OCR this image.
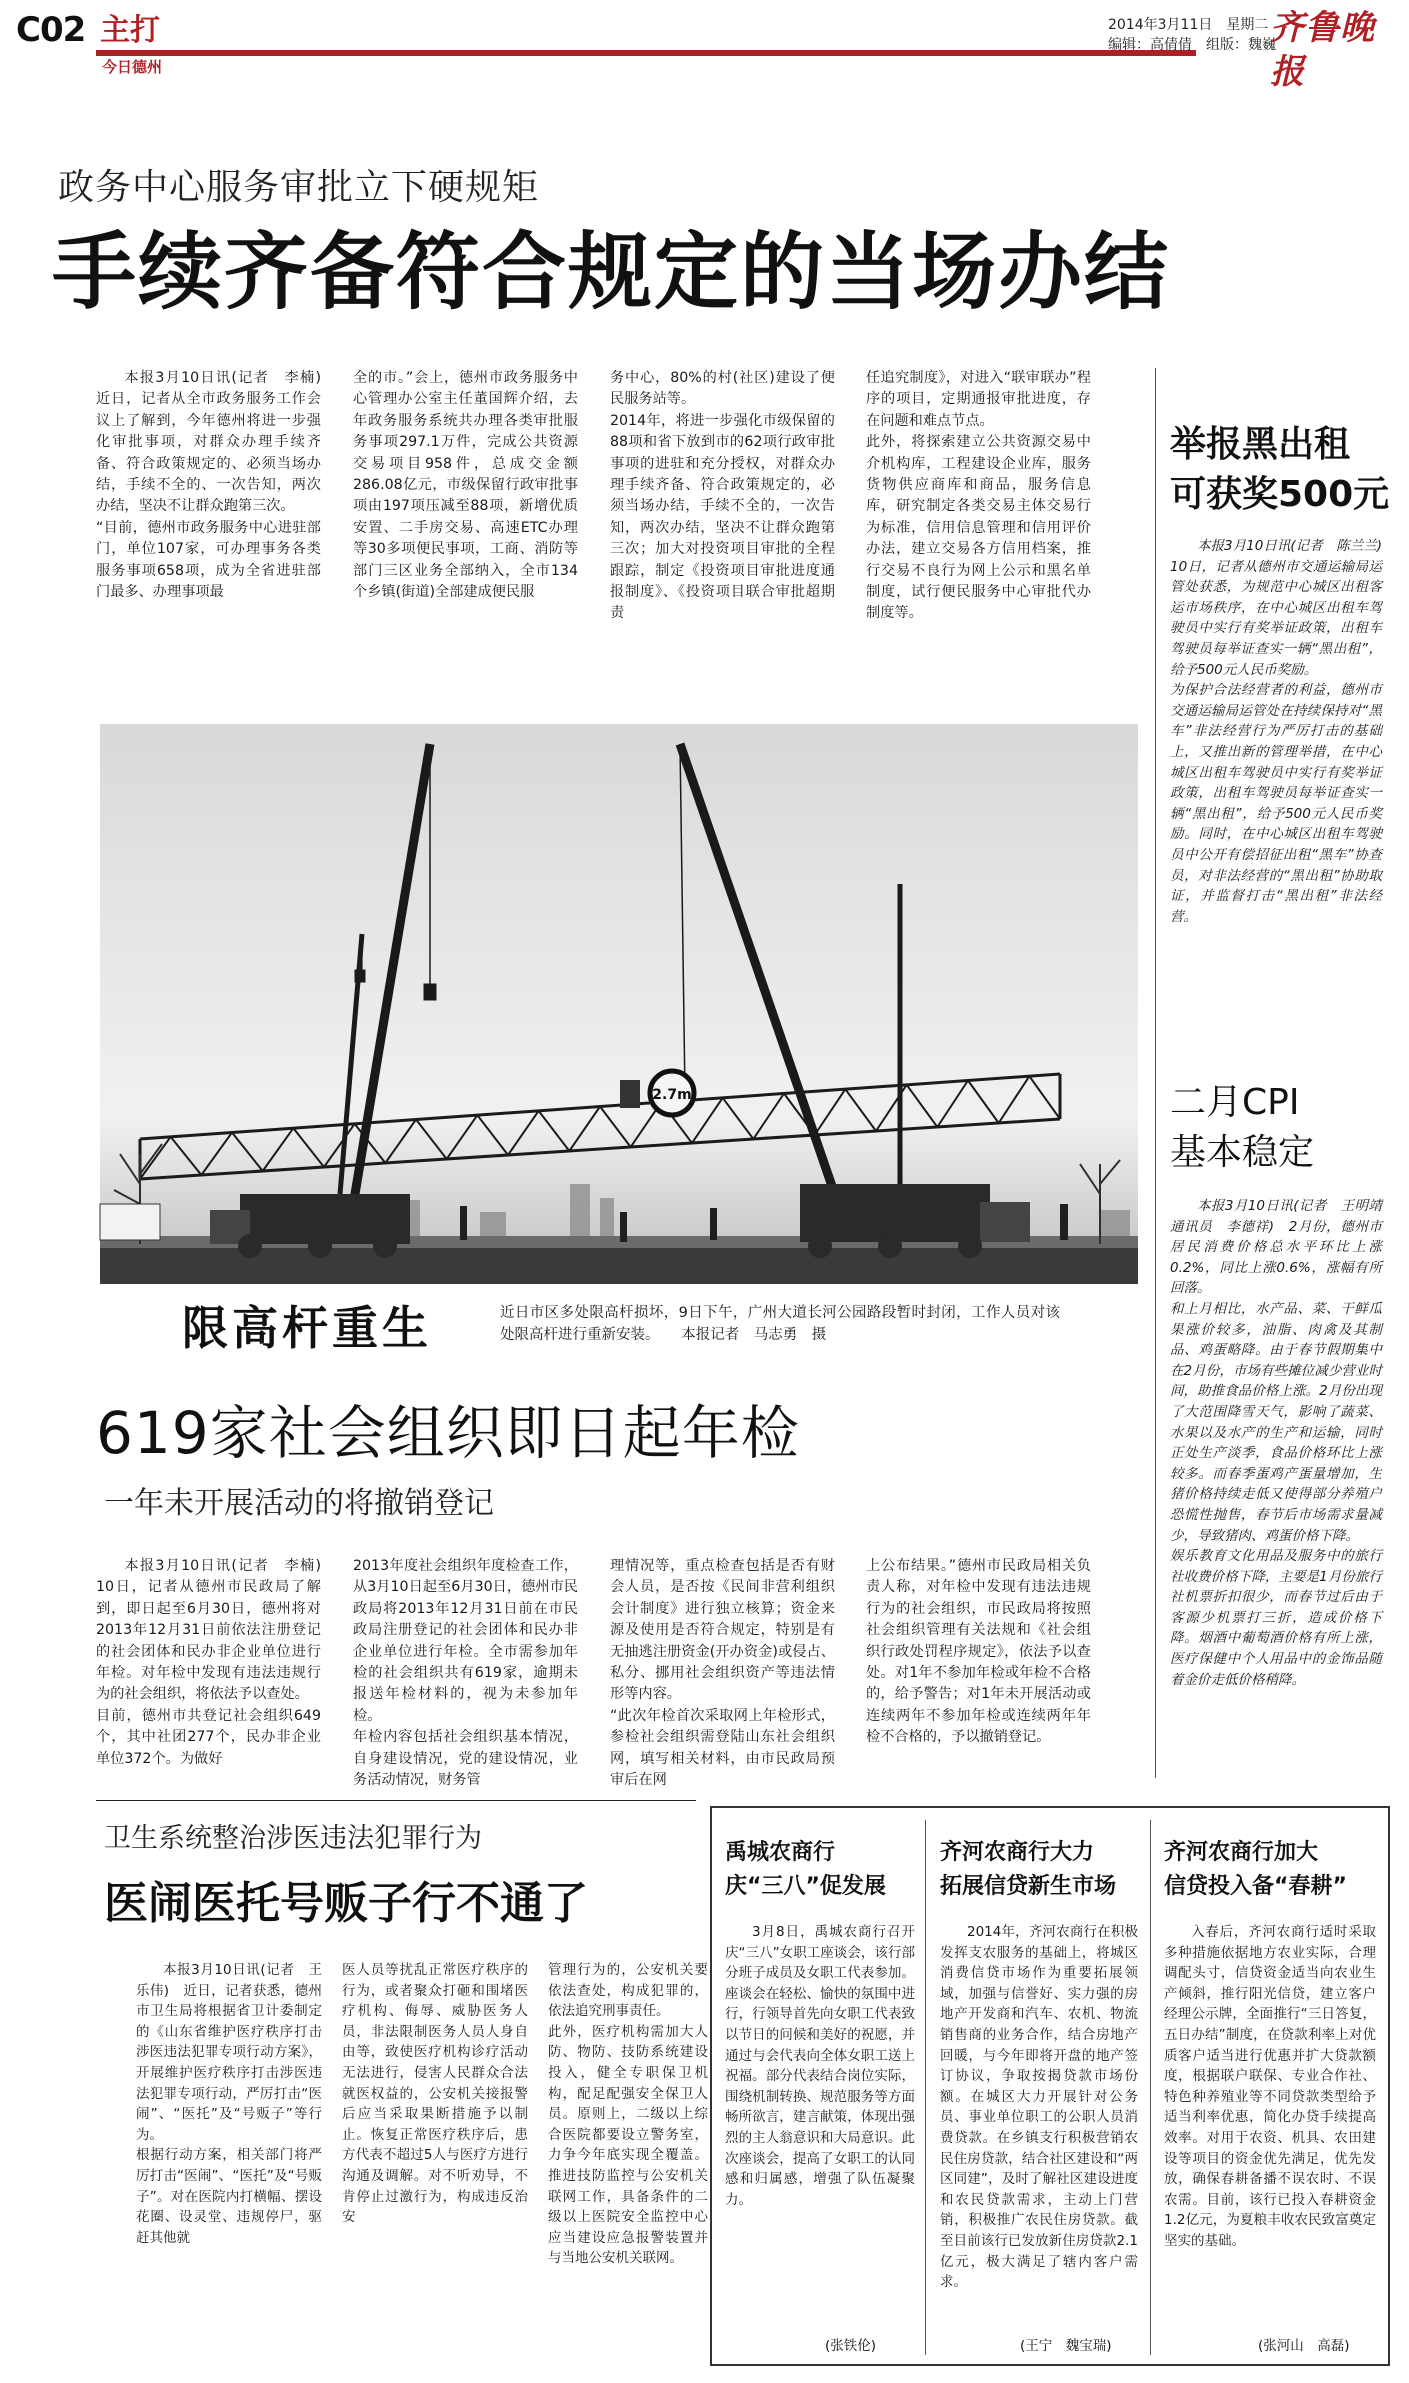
C02 主打
今日德州
2014年3月11日　星期二
编辑：高倩倩　组版：魏巍
齐鲁晚报
政务中心服务审批立下硬规矩
手续齐备符合规定的当场办结

本报3月10日讯(记者　李楠)　近日，记者从全市政务服务工作会议上了解到，今年德州将进一步强化审批事项，对群众办理手续齐备、符合政策规定的、必须当场办结，手续不全的、一次告知，两次办结，坚决不让群众跑第三次。
“目前，德州市政务服务中心进驻部门，单位107家，可办理事务各类服务事项658项，成为全省进驻部门最多、办理事项最

全的市。”会上，德州市政务服务中心管理办公室主任董国辉介绍，去年政务服务系统共办理各类审批服务事项297.1万件，完成公共资源交易项目958件，总成交金额286.08亿元，市级保留行政审批事项由197项压减至88项，新增优质安置、二手房交易、高速ETC办理等30多项便民事项，工商、消防等部门三区业务全部纳入，全市134个乡镇(街道)全部建成便民服

务中心，80%的村(社区)建设了便民服务站等。
2014年，将进一步强化市级保留的88项和省下放到市的62项行政审批事项的进驻和充分授权，对群众办理手续齐备、符合政策规定的，必须当场办结，手续不全的，一次告知，两次办结，坚决不让群众跑第三次；加大对投资项目审批的全程跟踪，制定《投资项目审批进度通报制度》、《投资项目联合审批超期责

任追究制度》，对进入“联审联办”程序的项目，定期通报审批进度，存在问题和难点节点。
此外，将探索建立公共资源交易中介机构库，工程建设企业库，服务货物供应商库和商品，服务信息库，研究制定各类交易主体交易行为标准，信用信息管理和信用评价办法，建立交易各方信用档案，推行交易不良行为网上公示和黑名单制度，试行便民服务中心审批代办制度等。

2.7m
限高杆重生	近日市区多处限高杆损坏，9日下午，广州大道长河公园路段暂时封闭，工作人员对该处限高杆进行重新安装。　　本报记者　马志勇　摄
619家社会组织即日起年检
一年未开展活动的将撤销登记

本报3月10日讯(记者　李楠)　10日，记者从德州市民政局了解到，即日起至6月30日，德州将对2013年12月31日前依法注册登记的社会团体和民办非企业单位进行年检。对年检中发现有违法违规行为的社会组织，将依法予以查处。
目前，德州市共登记社会组织649个，其中社团277个，民办非企业单位372个。为做好

2013年度社会组织年度检查工作，从3月10日起至6月30日，德州市民政局将2013年12月31日前在市民政局注册登记的社会团体和民办非企业单位进行年检。全市需参加年检的社会组织共有619家，逾期未报送年检材料的，视为未参加年检。
年检内容包括社会组织基本情况，自身建设情况，党的建设情况，业务活动情况，财务管

理情况等，重点检查包括是否有财会人员，是否按《民间非营利组织会计制度》进行独立核算；资金来源及使用是否符合规定，特别是有无抽逃注册资金(开办资金)或侵占、私分、挪用社会组织资产等违法情形等内容。
“此次年检首次采取网上年检形式，参检社会组织需登陆山东社会组织网，填写相关材料，由市民政局预审后在网

上公布结果。”德州市民政局相关负责人称，对年检中发现有违法违规行为的社会组织，市民政局将按照社会组织管理有关法规和《社会组织行政处罚程序规定》，依法予以查处。对1年不参加年检或年检不合格的，给予警告；对1年未开展活动或连续两年不参加年检或连续两年年检不合格的，予以撤销登记。

卫生系统整治涉医违法犯罪行为
医闹医托号贩子行不通了

本报3月10日讯(记者　王乐伟)　近日，记者获悉，德州市卫生局将根据省卫计委制定的《山东省维护医疗秩序打击涉医违法犯罪专项行动方案》，开展维护医疗秩序打击涉医违法犯罪专项行动，严厉打击“医闹”、“医托”及“号贩子”等行为。
根据行动方案，相关部门将严厉打击“医闹”、“医托”及“号贩子”。对在医院内打横幅、摆设花圈、设灵堂、违规停尸，驱赶其他就

医人员等扰乱正常医疗秩序的行为，或者聚众打砸和围堵医疗机构、侮辱、威胁医务人员，非法限制医务人员人身自由等，致使医疗机构诊疗活动无法进行，侵害人民群众合法就医权益的，公安机关接报警后应当采取果断措施予以制止。恢复正常医疗秩序后，患方代表不超过5人与医疗方进行沟通及调解。对不听劝导，不肯停止过激行为，构成违反治安

管理行为的，公安机关要依法查处，构成犯罪的，依法追究刑事责任。
此外，医疗机构需加大人防、物防、技防系统建设投入，健全专职保卫机构，配足配强安全保卫人员。原则上，二级以上综合医院都要设立警务室，力争今年底实现全覆盖。推进技防监控与公安机关联网工作，具备条件的二级以上医院安全监控中心应当建设应急报警装置并与当地公安机关联网。

举报黑出租
可获奖500元

本报3月10日讯(记者　陈兰兰)　10日，记者从德州市交通运输局运管处获悉，为规范中心城区出租客运市场秩序，在中心城区出租车驾驶员中实行有奖举证政策，出租车驾驶员每举证查实一辆“黑出租”，给予500元人民币奖励。
为保护合法经营者的利益，德州市交通运输局运管处在持续保持对“黑车”非法经营行为严厉打击的基础上，又推出新的管理举措，在中心城区出租车驾驶员中实行有奖举证政策，出租车驾驶员每举证查实一辆“黑出租”，给予500元人民币奖励。同时，在中心城区出租车驾驶员中公开有偿招征出租“黑车”协查员，对非法经营的“黑出租”协助取证，并监督打击“黑出租”非法经营。

二月CPI
基本稳定

本报3月10日讯(记者　王明靖　通讯员　李德祥)　2月份，德州市居民消费价格总水平环比上涨0.2%，同比上涨0.6%，涨幅有所回落。
和上月相比，水产品、菜、干鲜瓜果涨价较多，油脂、肉禽及其制品、鸡蛋略降。由于春节假期集中在2月份，市场有些摊位减少营业时间，助推食品价格上涨。2月份出现了大范围降雪天气，影响了蔬菜、水果以及水产的生产和运输，同时正处生产淡季，食品价格环比上涨较多。而春季蛋鸡产蛋量增加，生猪价格持续走低又使得部分养殖户恐慌性抛售，春节后市场需求量减少，导致猪肉、鸡蛋价格下降。
娱乐教育文化用品及服务中的旅行社收费价格下降，主要是1月份旅行社机票折扣很少，而春节过后由于客源少机票打三折，造成价格下降。烟酒中葡萄酒价格有所上涨，医疗保健中个人用品中的金饰品随着金价走低价格稍降。

禹城农商行
庆“三八”促发展

3月8日，禹城农商行召开庆“三八”女职工座谈会，该行部分班子成员及女职工代表参加。座谈会在轻松、愉快的氛围中进行，行领导首先向女职工代表致以节日的问候和美好的祝愿，并通过与会代表向全体女职工送上祝福。部分代表结合岗位实际，围绕机制转换、规范服务等方面畅所欲言，建言献策，体现出强烈的主人翁意识和大局意识。此次座谈会，提高了女职工的认同感和归属感，增强了队伍凝聚力。

(张铁伦)
齐河农商行大力
拓展信贷新生市场

2014年，齐河农商行在积极发挥支农服务的基础上，将城区消费信贷市场作为重要拓展领域，加强与信誉好、实力强的房地产开发商和汽车、农机、物流销售商的业务合作，结合房地产回暖，与今年即将开盘的地产签订协议，争取按揭贷款市场份额。在城区大力开展针对公务员、事业单位职工的公职人员消费贷款。在乡镇支行积极营销农民住房贷款，结合社区建设和“两区同建”，及时了解社区建设进度和农民贷款需求，主动上门营销，积极推广农民住房贷款。截至目前该行已发放新住房贷款2.1亿元，极大满足了辖内客户需求。

(王宁　魏宝瑞)
齐河农商行加大
信贷投入备“春耕”

入春后，齐河农商行适时采取多种措施依据地方农业实际，合理调配头寸，信贷资金适当向农业生产倾斜，推行阳光信贷，建立客户经理公示牌，全面推行“三日答复，五日办结”制度，在贷款利率上对优质客户适当进行优惠并扩大贷款额度，根据联户联保、专业合作社、特色种养殖业等不同贷款类型给予适当利率优惠，简化办贷手续提高效率。对用于农资、机具、农田建设等项目的资金优先满足，优先发放，确保春耕备播不误农时、不误农需。目前，该行已投入春耕资金1.2亿元，为夏粮丰收农民致富奠定坚实的基础。

(张河山　高磊)
